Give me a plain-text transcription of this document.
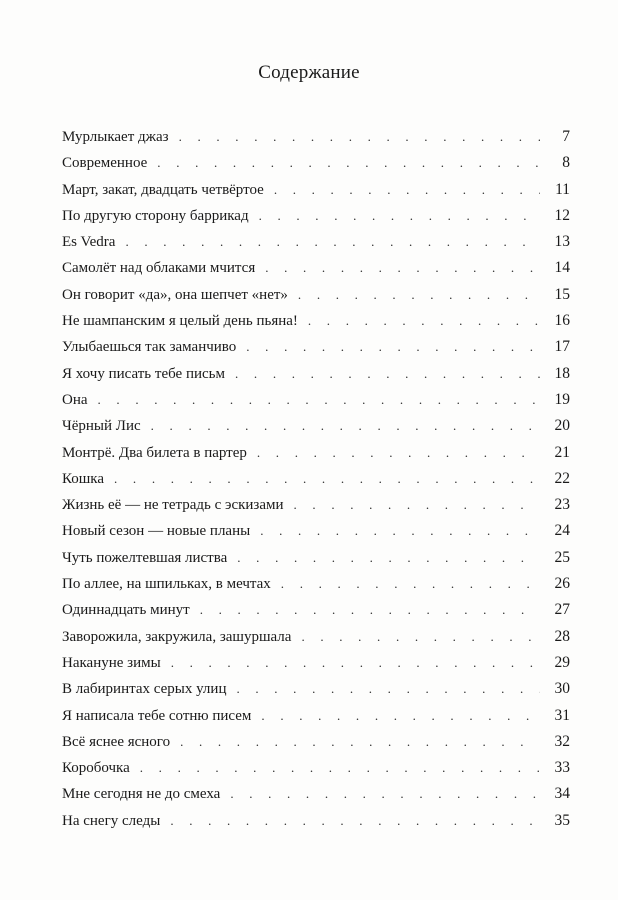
Содержание
Мурлыкает джаз . . .	7
Современное . . .	8
Март, закат, двадцать четвёртое . . .	11
По другую сторону баррикад . . .	12
Es Vedra . . .	13
Самолёт над облаками мчится . . .	14
Он говорит «да», она шепчет «нет» . . .	15
Не шампанским я целый день пьяна! . . .	16
Улыбаешься так заманчиво . . .	17
Я хочу писать тебе письм . . .	18
Она . . .	19
Чёрный Лис . . .	20
Монтрё. Два билета в партер . . .	21
Кошка . . .	22
Жизнь её — не тетрадь с эскизами . . .	23
Новый сезон — новые планы . . .	24
Чуть пожелтевшая листва . . .	25
По аллее, на шпильках, в мечтах . . .	26
Одиннадцать минут . . .	27
Заворожила, закружила, зашуршала . . .	28
Накануне зимы . . .	29
В лабиринтах серых улиц . . .	30
Я написала тебе сотню писем . . .	31
Всё яснее ясного . . .	32
Коробочка . . .	33
Мне сегодня не до смеха . . .	34
На снегу следы . . .	35
